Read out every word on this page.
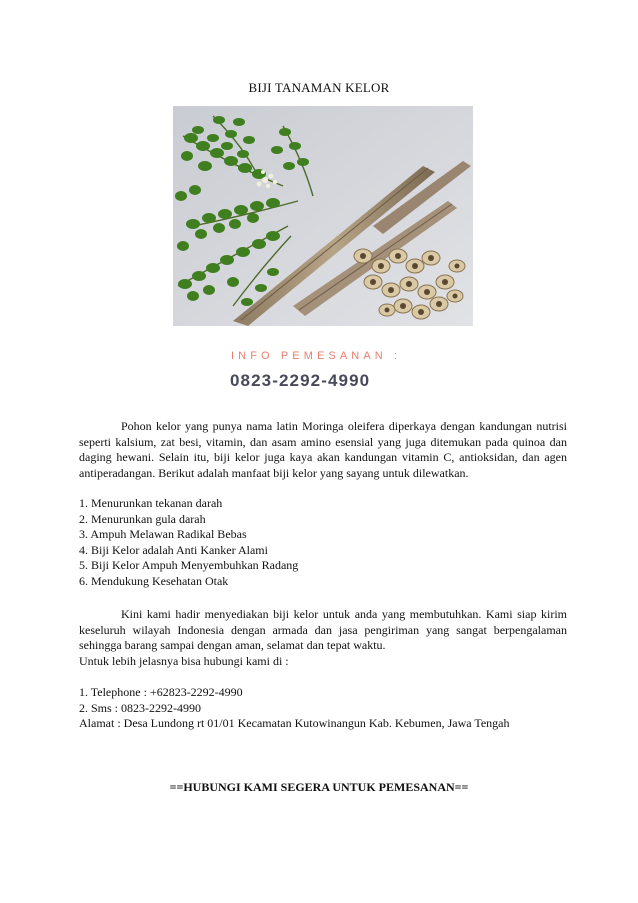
BIJI TANAMAN KELOR
INFO PEMESANAN :
0823-2292-4990

Pohon kelor yang punya nama latin Moringa oleifera diperkaya dengan kandungan nutrisi seperti kalsium, zat besi, vitamin, dan asam amino esensial yang juga ditemukan pada quinoa dan daging hewani. Selain itu, biji kelor juga kaya akan kandungan vitamin C, antioksidan, dan agen antiperadangan. Berikut adalah manfaat biji kelor yang sayang untuk dilewatkan.

1. Menurunkan tekanan darah
2. Menurunkan gula darah
3. Ampuh Melawan Radikal Bebas
4. Biji Kelor adalah Anti Kanker Alami
5. Biji Kelor Ampuh Menyembuhkan Radang
6. Mendukung Kesehatan Otak

Kini kami hadir menyediakan biji kelor untuk anda yang membutuhkan. Kami siap kirim keseluruh wilayah Indonesia dengan armada dan jasa pengiriman yang sangat berpengalaman sehingga barang sampai dengan aman, selamat dan tepat waktu.

Untuk lebih jelasnya bisa hubungi kami di :

1. Telephone : +62823-2292-4990
2. Sms : 0823-2292-4990
Alamat : Desa Lundong rt 01/01 Kecamatan Kutowinangun Kab. Kebumen, Jawa Tengah
==HUBUNGI KAMI SEGERA UNTUK PEMESANAN==
